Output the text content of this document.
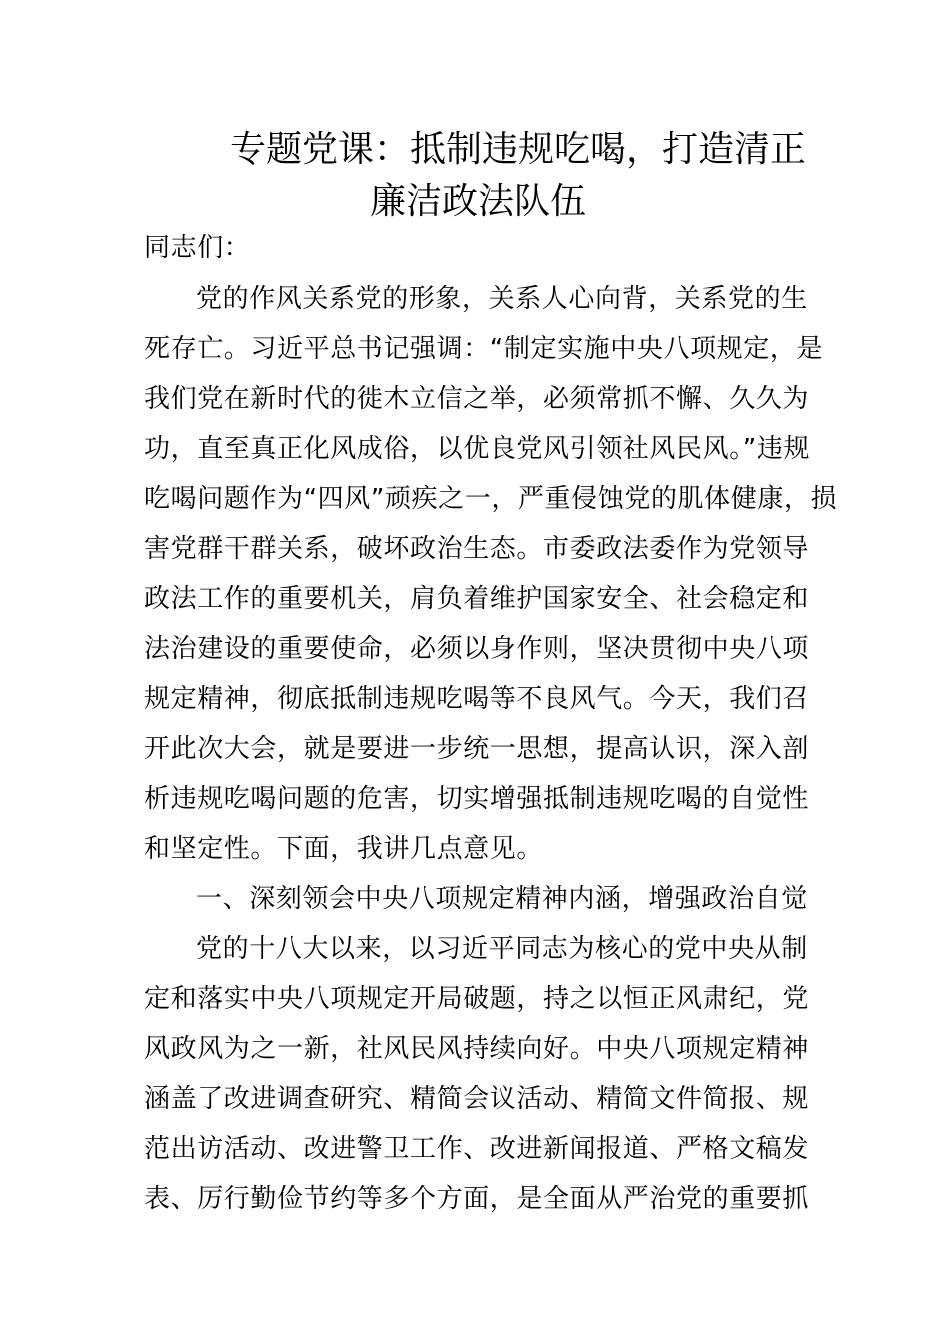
专题党课：抵制违规吃喝，打造清正
廉洁政法队伍
同志们：
党的作风关系党的形象，关系人心向背，关系党的生
死存亡。习近平总书记强调：“制定实施中央八项规定，是
我们党在新时代的徙木立信之举，必须常抓不懈、久久为
功，直至真正化风成俗，以优良党风引领社风民风。”违规
吃喝问题作为“四风”顽疾之一，严重侵蚀党的肌体健康，损
害党群干群关系，破坏政治生态。市委政法委作为党领导
政法工作的重要机关，肩负着维护国家安全、社会稳定和
法治建设的重要使命，必须以身作则，坚决贯彻中央八项
规定精神，彻底抵制违规吃喝等不良风气。今天，我们召
开此次大会，就是要进一步统一思想，提高认识，深入剖
析违规吃喝问题的危害，切实增强抵制违规吃喝的自觉性
和坚定性。下面，我讲几点意见。
一、深刻领会中央八项规定精神内涵，增强政治自觉
党的十八大以来，以习近平同志为核心的党中央从制
定和落实中央八项规定开局破题，持之以恒正风肃纪，党
风政风为之一新，社风民风持续向好。中央八项规定精神
涵盖了改进调查研究、精简会议活动、精简文件简报、规
范出访活动、改进警卫工作、改进新闻报道、严格文稿发
表、厉行勤俭节约等多个方面，是全面从严治党的重要抓
